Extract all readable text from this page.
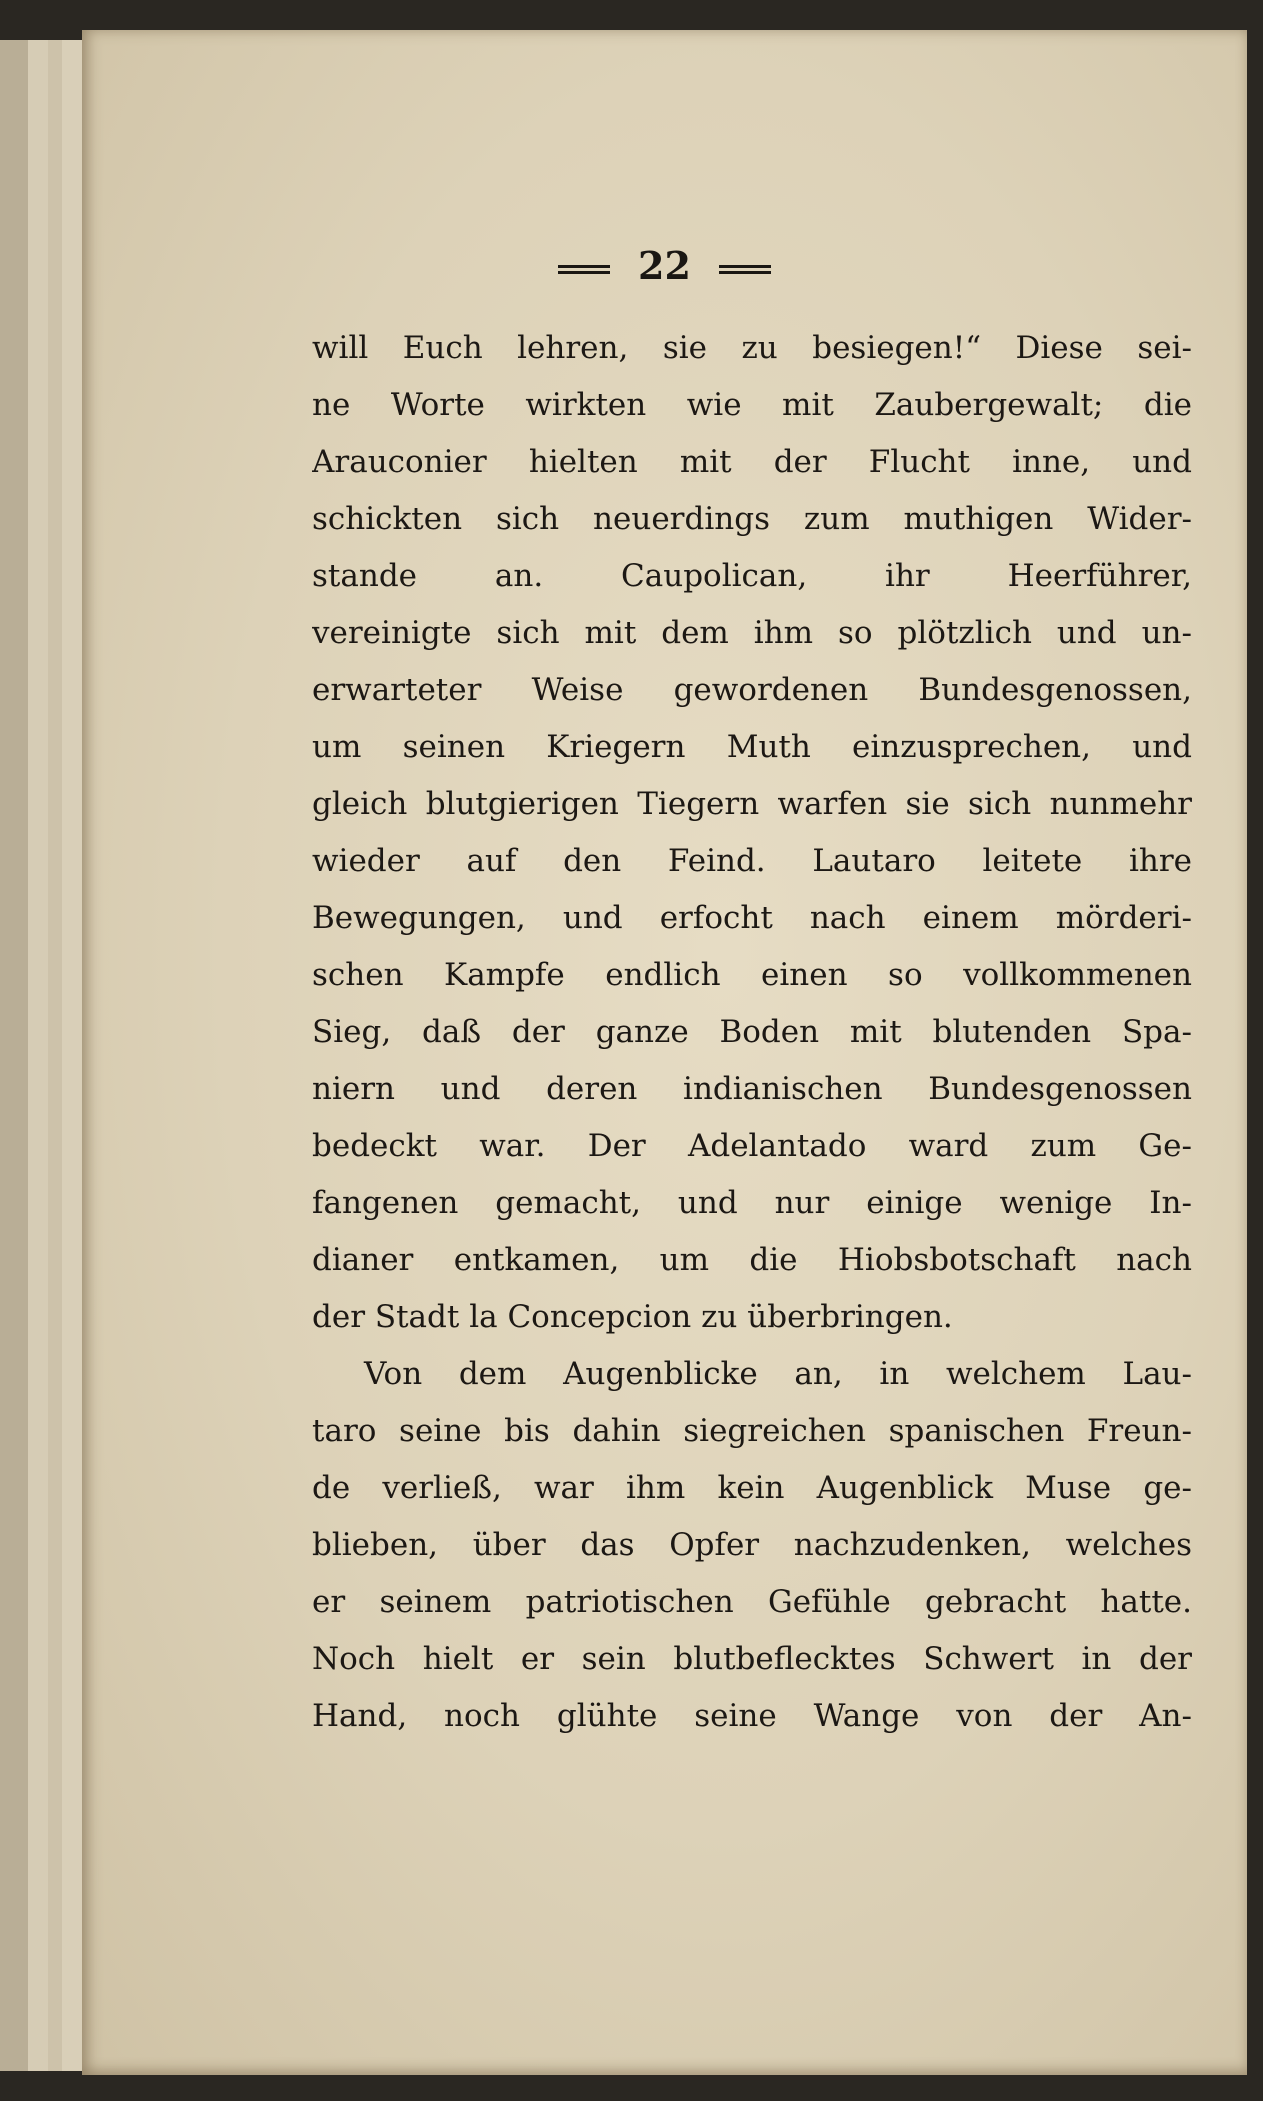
22
will Euch lehren, sie zu besiegen!“ Diese sei-
ne Worte wirkten wie mit Zaubergewalt; die
Arauconier hielten mit der Flucht inne, und
schickten sich neuerdings zum muthigen Wider-
stande an. Caupolican, ihr Heerführer,
vereinigte sich mit dem ihm so plötzlich und un-
erwarteter Weise gewordenen Bundesgenossen,
um seinen Kriegern Muth einzusprechen, und
gleich blutgierigen Tiegern warfen sie sich nunmehr
wieder auf den Feind. Lautaro leitete ihre
Bewegungen, und erfocht nach einem mörderi-
schen Kampfe endlich einen so vollkommenen
Sieg, daß der ganze Boden mit blutenden Spa-
niern und deren indianischen Bundesgenossen
bedeckt war. Der Adelantado ward zum Ge-
fangenen gemacht, und nur einige wenige In-
dianer entkamen, um die Hiobsbotschaft nach
der Stadt la Concepcion zu überbringen.
Von dem Augenblicke an, in welchem Lau-
taro seine bis dahin siegreichen spanischen Freun-
de verließ, war ihm kein Augenblick Muse ge-
blieben, über das Opfer nachzudenken, welches
er seinem patriotischen Gefühle gebracht hatte.
Noch hielt er sein blutbeflecktes Schwert in der
Hand, noch glühte seine Wange von der An-
